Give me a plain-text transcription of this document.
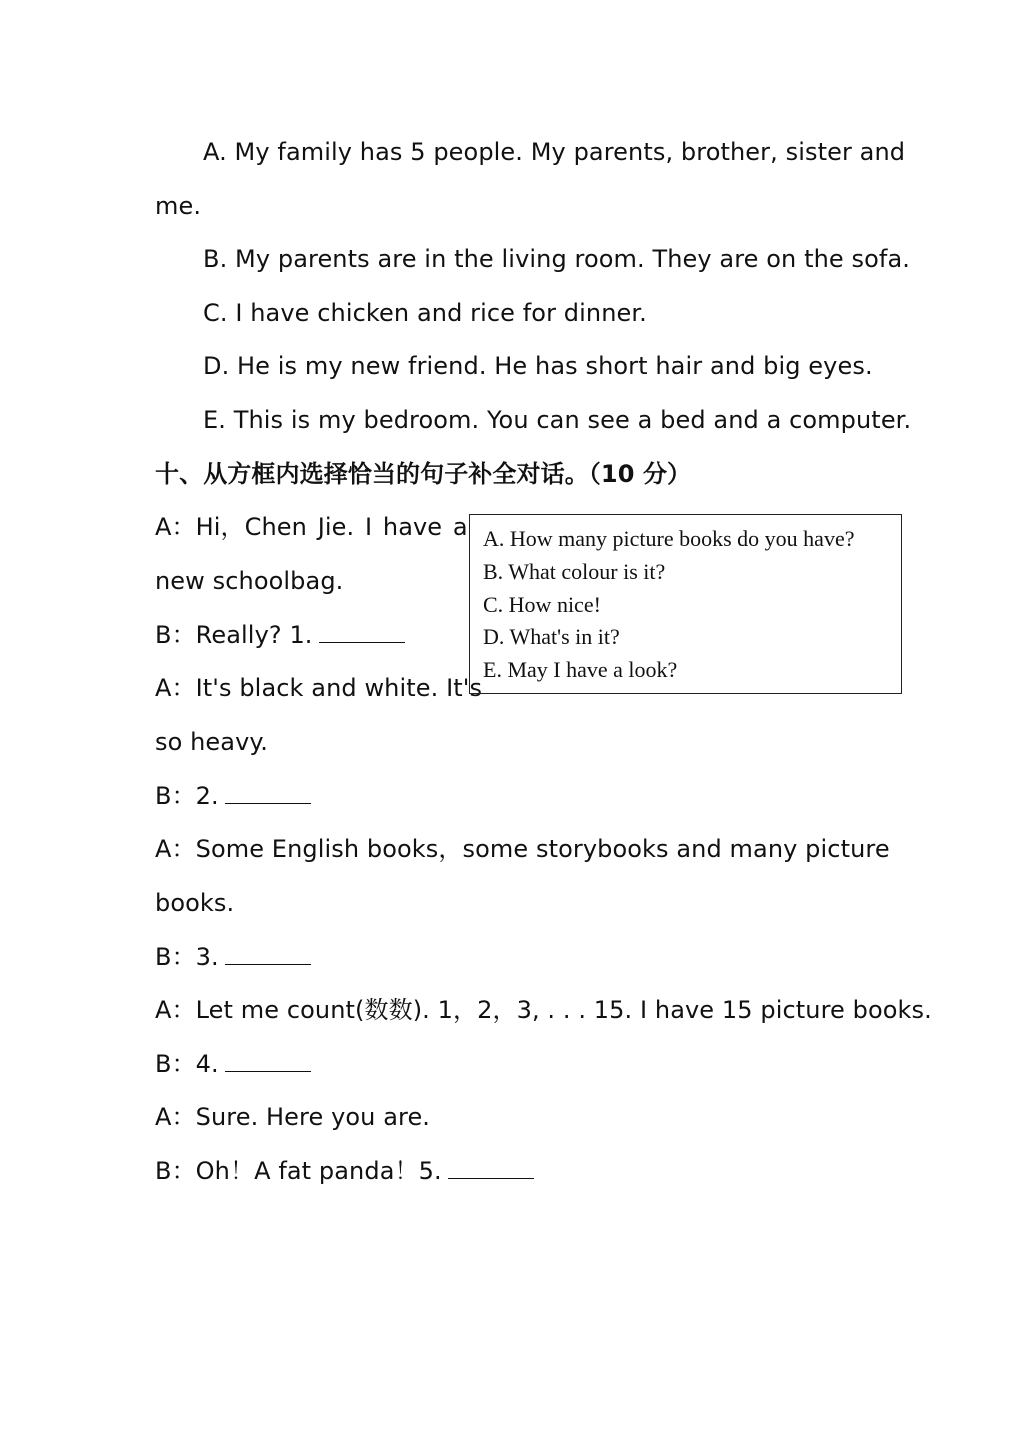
A. My family has 5 people. My parents, brother, sister and
me.
B. My parents are in the living room. They are on the sofa.
C. I have chicken and rice for dinner.
D. He is my new friend. He has short hair and big eyes.
E. This is my bedroom. You can see a bed and a computer.
十、从方框内选择恰当的句子补全对话。（10 分）
A：Hi，Chen Jie. I have a
new schoolbag.
B：Really? 1.
A：It's black and white. It's
so heavy.
B：2.
A：Some English books，some storybooks and many picture
books.
B：3.
A：Let me count(数数). 1，2，3, . . . 15. I have 15 picture books.
B：4.
A：Sure. Here you are.
B：Oh！A fat panda！5.
A. How many picture books do you have?
B. What colour is it?
C. How nice!
D. What's in it?
E. May I have a look?
